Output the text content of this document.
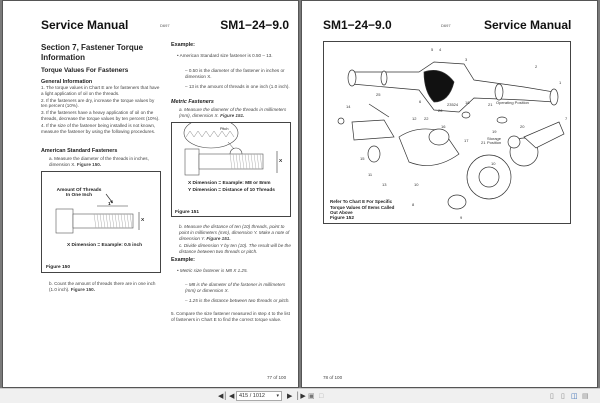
Service Manual	D697	SM1−24−9.0
Section 7, Fastener Torque Information
Torque Values For Fasteners
General Information
1. The torque values in Chart E are for fasteners that have a light application of oil on the threads.
2. If the fasteners are dry, increase the torque values by ten percent (10%).
3. If the fasteners have a heavy application of oil on the threads, decrease the torque values by ten percent (10%).
4. If the size of the fastener being installed is not known, measure the fastener by using the following procedures.
American Standard Fasteners
a. Measure the diameter of the threads in inches, dimension X. Figure 150.
Amount Of Threads In One Inch
1"
X
X Dimension = Example: 0.5 inch
Figure 150
b. Count the amount of threads there are in one inch (1.0 inch). Figure 150.
Example:
• American Standard size fastener is 0.50 – 13.
– 0.50 is the diameter of the fastener in inches or dimension X.
– 13 is the amount of threads in one inch (1.0 inch).
Metric Fasteners
a. Measure the diameter of the threads in millimeters (mm), dimension X. Figure 151.
Pitch
X
X Dimension = Example: M8 or 8mm
Y Dimension = Distance of 10 Threads
Figure 151
b. Measure the distance of ten (10) threads, point to point in millimeters (mm), dimension Y. Make a note of dimension Y. Figure 151.
c. Divide dimension Y by ten (10). The result will be the distance between two threads or pitch.
Example:
• Metric size fastener is M8 X 1.25.
– M8 is the diameter of the fastener in millimeters (mm) or dimension X.
– 1.25 is the distance between two threads or pitch.
5. Compare the size fastener measured in step 4 to the list of fasteners in Chart E to find the correct torque value.
77 of 100
SM1−24−9.0	D697	Service Manual
5 4
3
2
1
25
6
14	23524 18
26
21 Operating Position
12 22
16	20
19
17	21
Storage Position
7
15
10
11
13	10
8
9
Refer To Chart E For Specific Torque Values Of Items Called Out Above
Figure 152
78 of 100
◀│ ◀ 415 / 1012 ▾ ▶ │▶ ▣ □	▯ ▯ ◫ ▤
